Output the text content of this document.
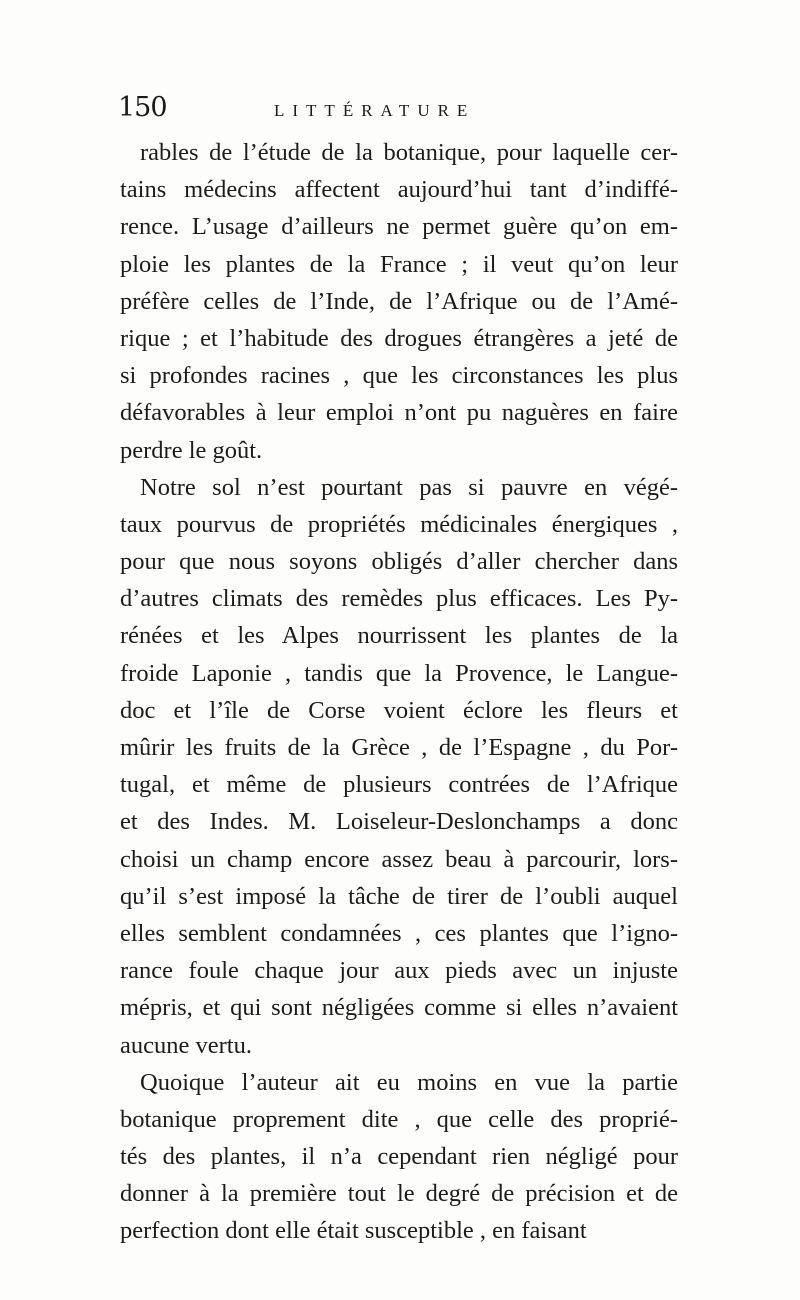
150	LITTÉRATURE
rables de l’étude de la botanique, pour laquelle cer-
tains médecins affectent aujourd’hui tant d’indiffé-
rence. L’usage d’ailleurs ne permet guère qu’on em-
ploie les plantes de la France ; il veut qu’on leur
préfère celles de l’Inde, de l’Afrique ou de l’Amé-
rique ; et l’habitude des drogues étrangères a jeté de
si profondes racines , que les circonstances les plus
défavorables à leur emploi n’ont pu naguères en faire
perdre le goût.
Notre sol n’est pourtant pas si pauvre en végé-
taux pourvus de propriétés médicinales énergiques ,
pour que nous soyons obligés d’aller chercher dans
d’autres climats des remèdes plus efficaces. Les Py-
rénées et les Alpes nourrissent les plantes de la
froide Laponie , tandis que la Provence, le Langue-
doc et l’île de Corse voient éclore les fleurs et
mûrir les fruits de la Grèce , de l’Espagne , du Por-
tugal, et même de plusieurs contrées de l’Afrique
et des Indes. M. Loiseleur-Deslonchamps a donc
choisi un champ encore assez beau à parcourir, lors-
qu’il s’est imposé la tâche de tirer de l’oubli auquel
elles semblent condamnées , ces plantes que l’igno-
rance foule chaque jour aux pieds avec un injuste
mépris, et qui sont négligées comme si elles n’avaient
aucune vertu.
Quoique l’auteur ait eu moins en vue la partie
botanique proprement dite , que celle des proprié-
tés des plantes, il n’a cependant rien négligé pour
donner à la première tout le degré de précision et de
perfection dont elle était susceptible , en faisant
